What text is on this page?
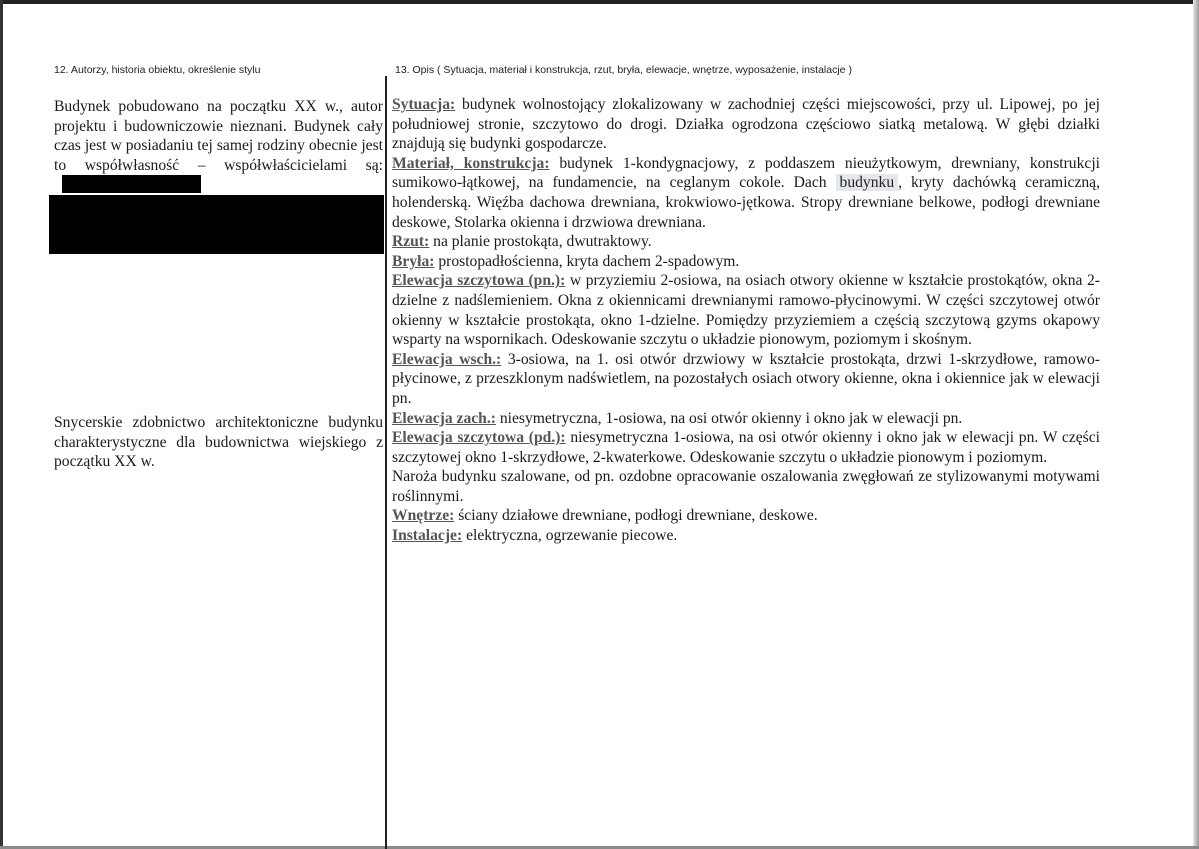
12. Autorzy, historia obiektu, określenie stylu	13. Opis ( Sytuacja, materiał i konstrukcja, rzut, bryła, elewacje, wnętrze, wyposażenie, instalacje )

Budynek pobudowano na początku XX w., autor projektu i budowniczowie nieznani. Budynek cały czas jest w posiadaniu tej samej rodziny obecnie jest to współwłasność – współwłaścicielami są:

Snycerskie zdobnictwo architektoniczne budynku charakterystyczne dla budownictwa wiejskiego z początku XX w.

Sytuacja: budynek wolnostojący zlokalizowany w zachodniej części miejscowości, przy ul. Lipowej, po jej południowej stronie, szczytowo do drogi. Działka ogrodzona częściowo siatką metalową. W głębi działki znajdują się budynki gospodarcze.

Materiał, konstrukcja: budynek 1-kondygnacjowy, z poddaszem nieużytkowym, drewniany, konstrukcji sumikowo-łątkowej, na fundamencie, na ceglanym cokole. Dach budynku , kryty dachówką ceramiczną, holenderską. Więźba dachowa drewniana, krokwiowo-jętkowa. Stropy drewniane belkowe, podłogi drewniane deskowe, Stolarka okienna i drzwiowa drewniana.

Rzut: na planie prostokąta, dwutraktowy.

Bryła: prostopadłościenna, kryta dachem 2-spadowym.

Elewacja szczytowa (pn.): w przyziemiu 2-osiowa, na osiach otwory okienne w kształcie prostokątów, okna 2-dzielne z nadślemieniem. Okna z okiennicami drewnianymi ramowo-płycinowymi. W części szczytowej otwór okienny w kształcie prostokąta, okno 1-dzielne. Pomiędzy przyziemiem a częścią szczytową gzyms okapowy wsparty na wspornikach. Odeskowanie szczytu o układzie pionowym, poziomym i skośnym.

Elewacja wsch.: 3-osiowa, na 1. osi otwór drzwiowy w kształcie prostokąta, drzwi 1-skrzydłowe, ramowo-płycinowe, z przeszklonym nadświetlem, na pozostałych osiach otwory okienne, okna i okiennice jak w elewacji pn.

Elewacja zach.: niesymetryczna, 1-osiowa, na osi otwór okienny i okno jak w elewacji pn.

Elewacja szczytowa (pd.): niesymetryczna 1-osiowa, na osi otwór okienny i okno jak w elewacji pn. W części szczytowej okno 1-skrzydłowe, 2-kwaterkowe. Odeskowanie szczytu o układzie pionowym i poziomym.

Naroża budynku szalowane, od pn. ozdobne opracowanie oszalowania zwęgłowań ze stylizowanymi motywami roślinnymi.

Wnętrze: ściany działowe drewniane, podłogi drewniane, deskowe.

Instalacje: elektryczna, ogrzewanie piecowe.
